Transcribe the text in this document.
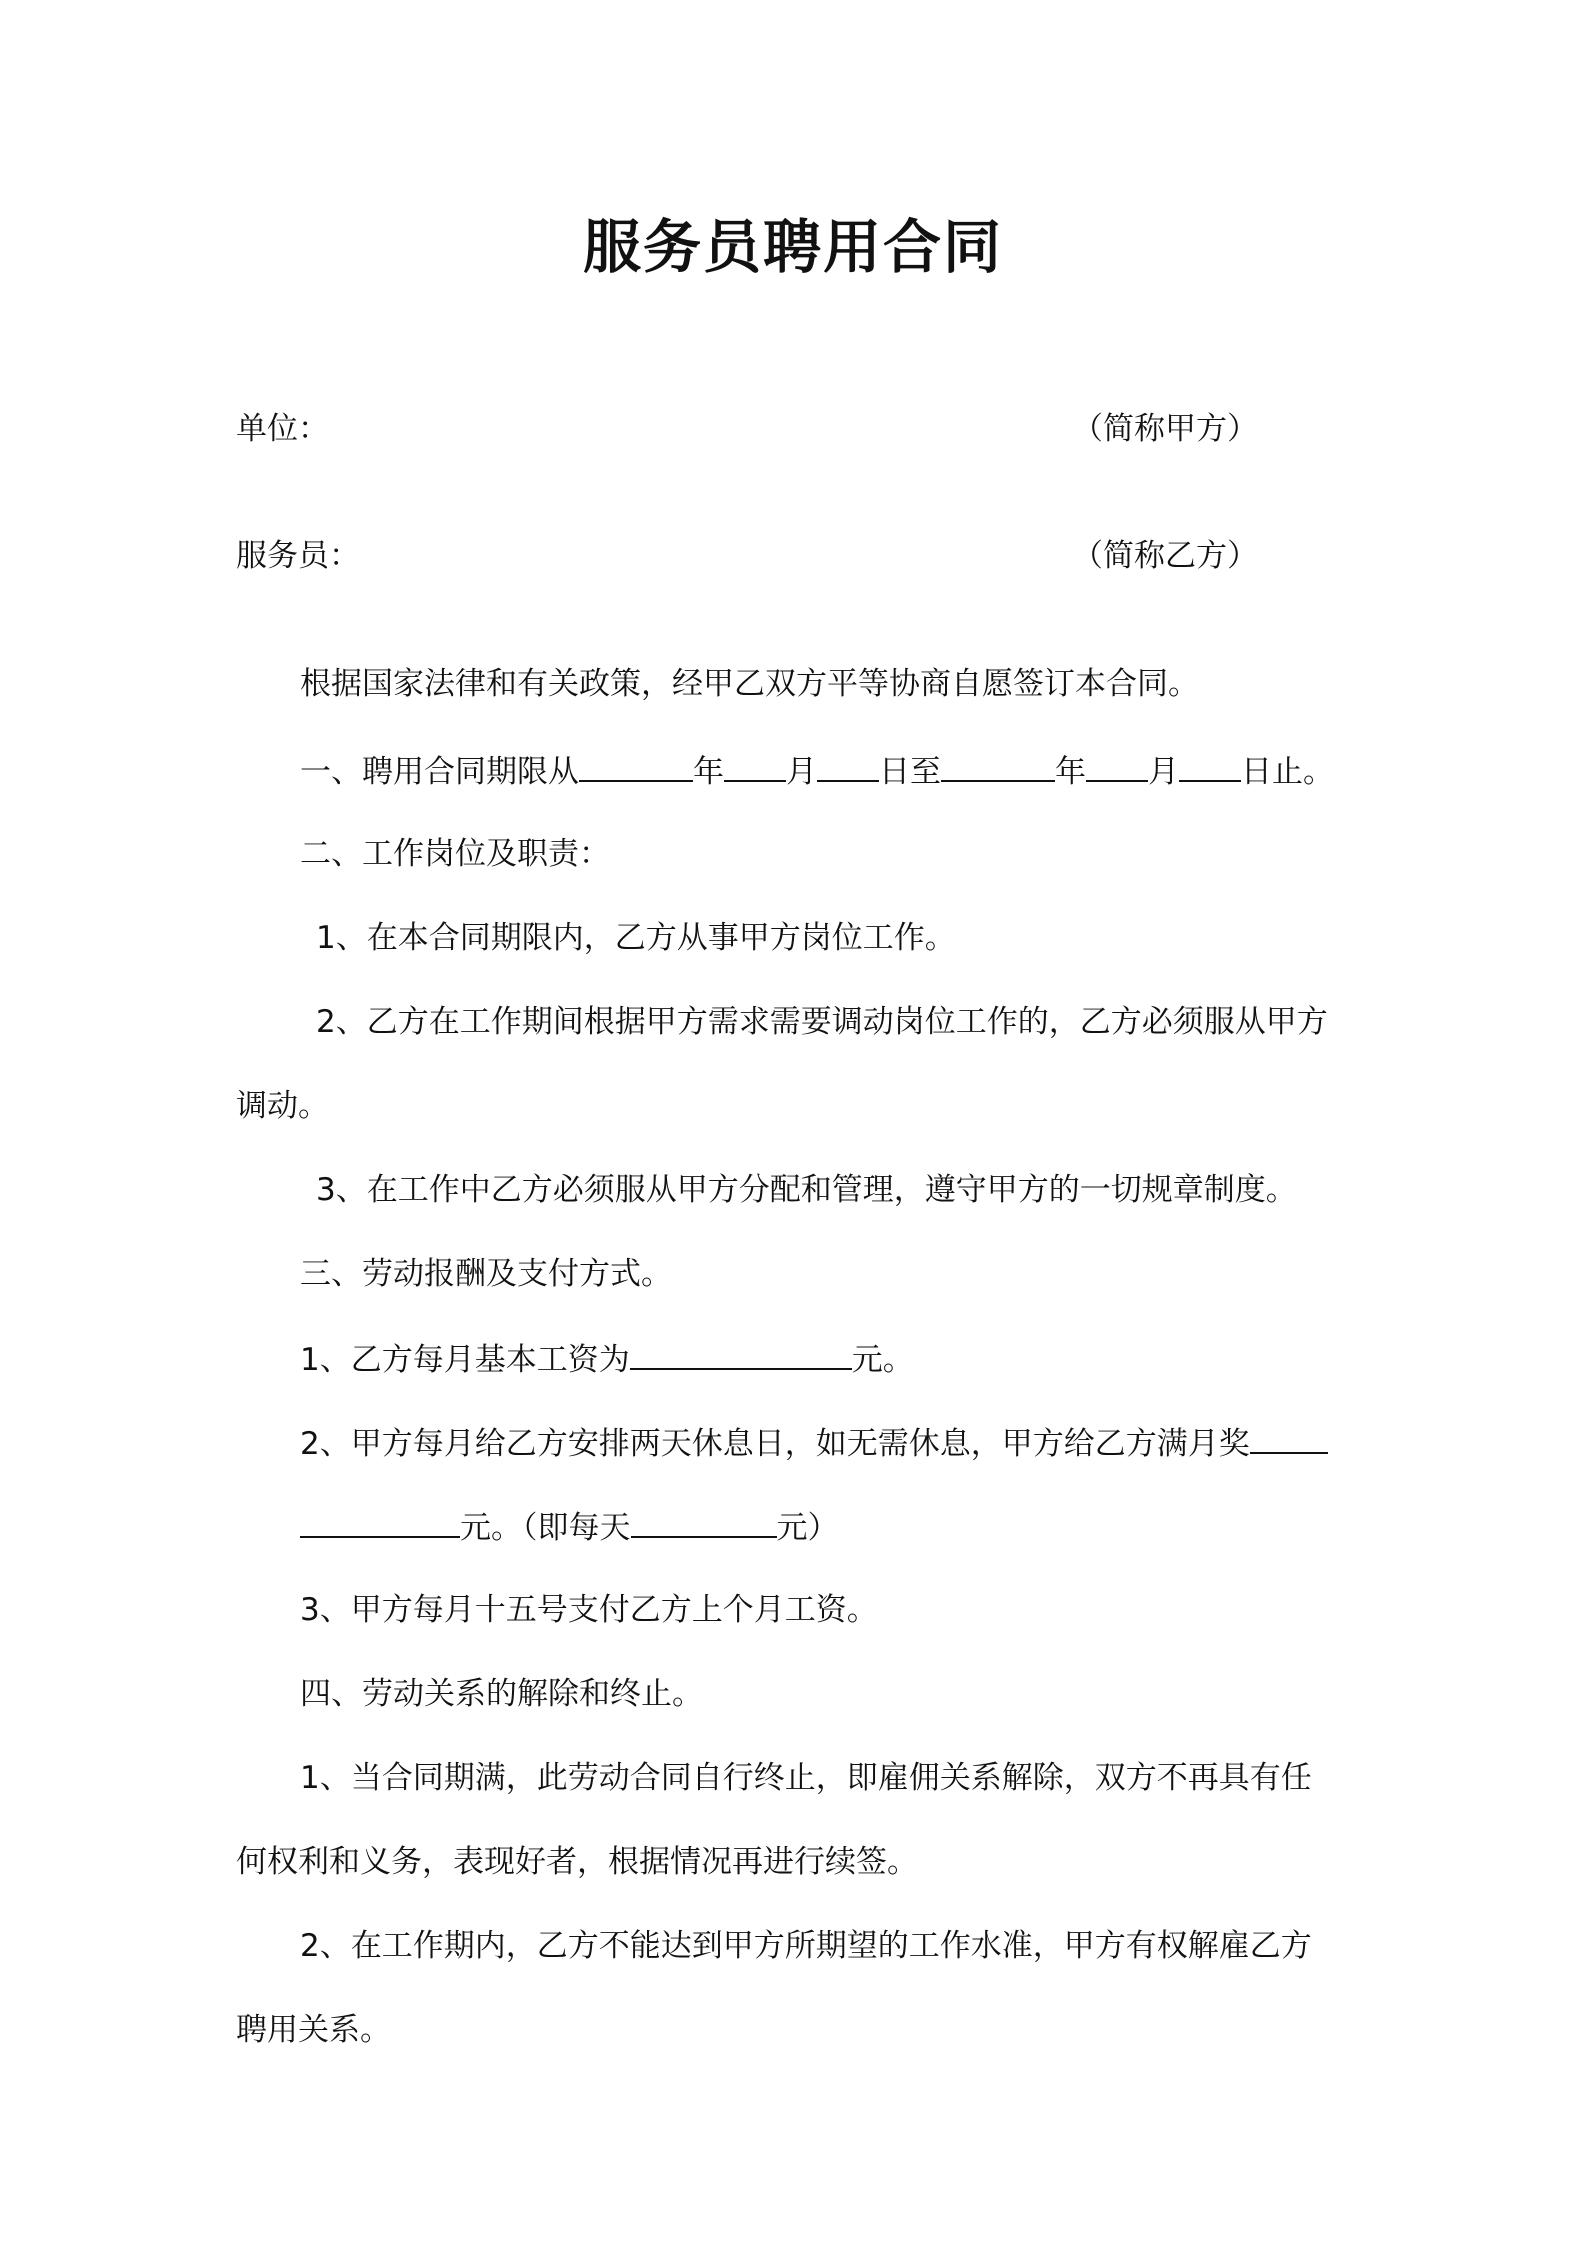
服务员聘用合同
单位：	（简称甲方）
服务员：	（简称乙方）
根据国家法律和有关政策，经甲乙双方平等协商自愿签订本合同。
一、聘用合同期限从	年 月 日至	年 月 日止。
二、工作岗位及职责：
1、在本合同期限内，乙方从事甲方岗位工作。
2、乙方在工作期间根据甲方需求需要调动岗位工作的，乙方必须服从甲方
调动。
3、在工作中乙方必须服从甲方分配和管理，遵守甲方的一切规章制度。
三、劳动报酬及支付方式。
1、乙方每月基本工资为	元。
2、甲方每月给乙方安排两天休息日，如无需休息，甲方给乙方满月奖
元。（即每天	元）
3、甲方每月十五号支付乙方上个月工资。
四、劳动关系的解除和终止。
1、当合同期满，此劳动合同自行终止，即雇佣关系解除，双方不再具有任
何权利和义务，表现好者，根据情况再进行续签。
2、在工作期内，乙方不能达到甲方所期望的工作水准，甲方有权解雇乙方
聘用关系。
